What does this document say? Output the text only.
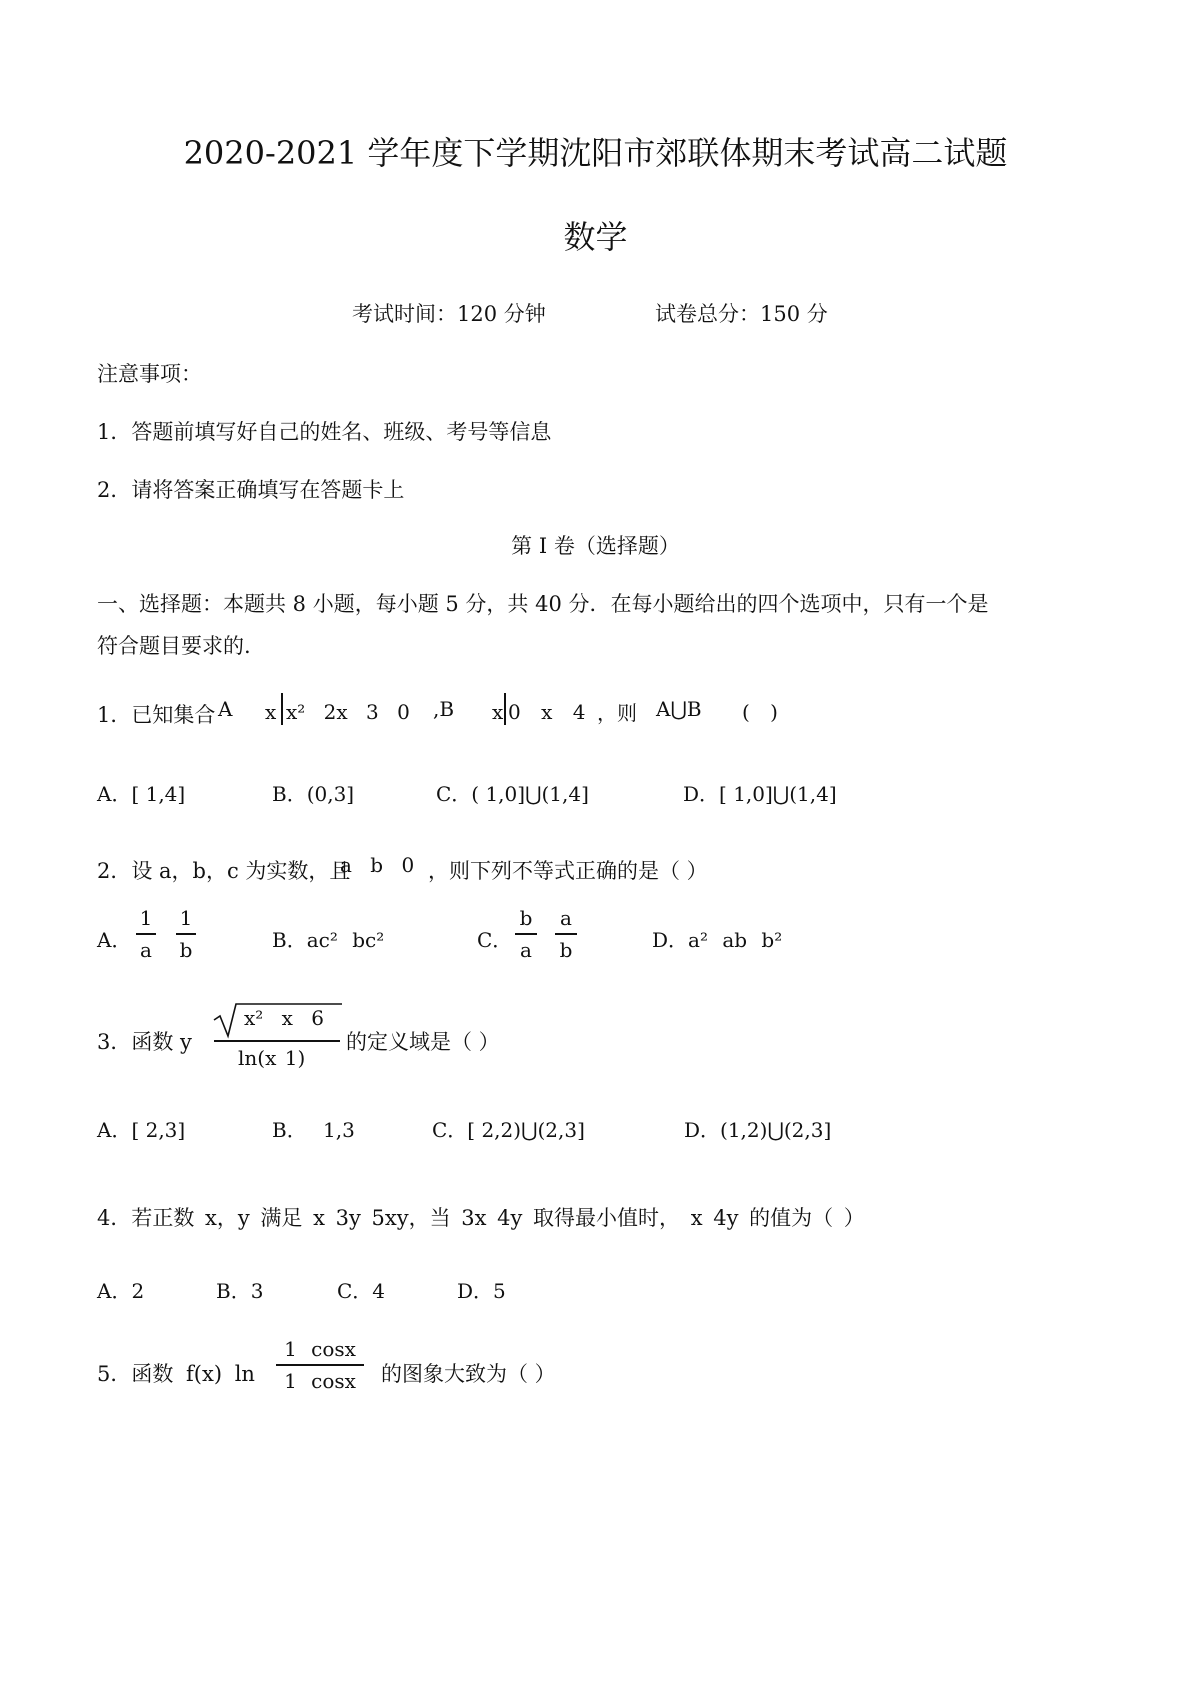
2020-2021 学年度下学期沈阳市郊联体期末考试高二试题
数学
考试时间：120 分钟	试卷总分：150 分
注意事项：
1．答题前填写好自己的姓名、班级、考号等信息
2．请将答案正确填写在答题卡上
第 I 卷（选择题）
一、选择题：本题共 8 小题，每小题 5 分，共 40 分．在每小题给出的四个选项中，只有一个是
符合题目要求的.
1．已知集合 A x x² 2x 3 0 ,B x 0 x 4 ，则 A⋃B ( )
A．[ 1,4]	B．(0,3]	C．( 1,0]⋃(1,4]	D．[ 1,0]⋃(1,4]
2．设 a，b，c 为实数，且
a b 0 ，则下列不等式正确的是（ ）
A．
1
a
1
b	B．ac² bc²	C．
b
a
a
b	D．a² ab b²
3．函数 y
x² x 6
ln(x 1)
的定义域是（ ）
A．[ 2,3]	B． 1,3	C．[ 2,2)⋃(2,3]	D．(1,2)⋃(2,3]
4．若正数 x，y 满足 x 3y 5xy，当 3x 4y 取得最小值时， x 4y 的值为（ ）
A．2	B．3	C．4	D．5
5．函数 f(x) ln
1 cosx
1 cosx 的图象大致为（ ）
